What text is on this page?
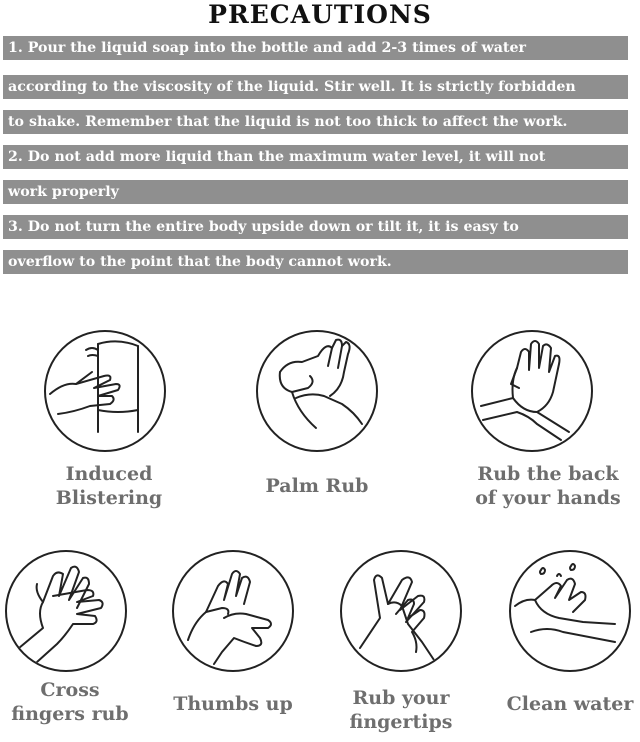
PRECAUTIONS
1. Pour the liquid soap into the bottle and add 2-3 times of water
according to the viscosity of the liquid. Stir well. It is strictly forbidden
to shake. Remember that the liquid is not too thick to affect the work.
2. Do not add more liquid than the maximum water level, it will not
work properly
3. Do not turn the entire body upside down or tilt it, it is easy to
overflow to the point that the body cannot work.
Induced
Blistering
Palm Rub
Rub the back
of your hands
Cross
fingers rub	Thumbs up	Rub your
fingertips
Clean water
